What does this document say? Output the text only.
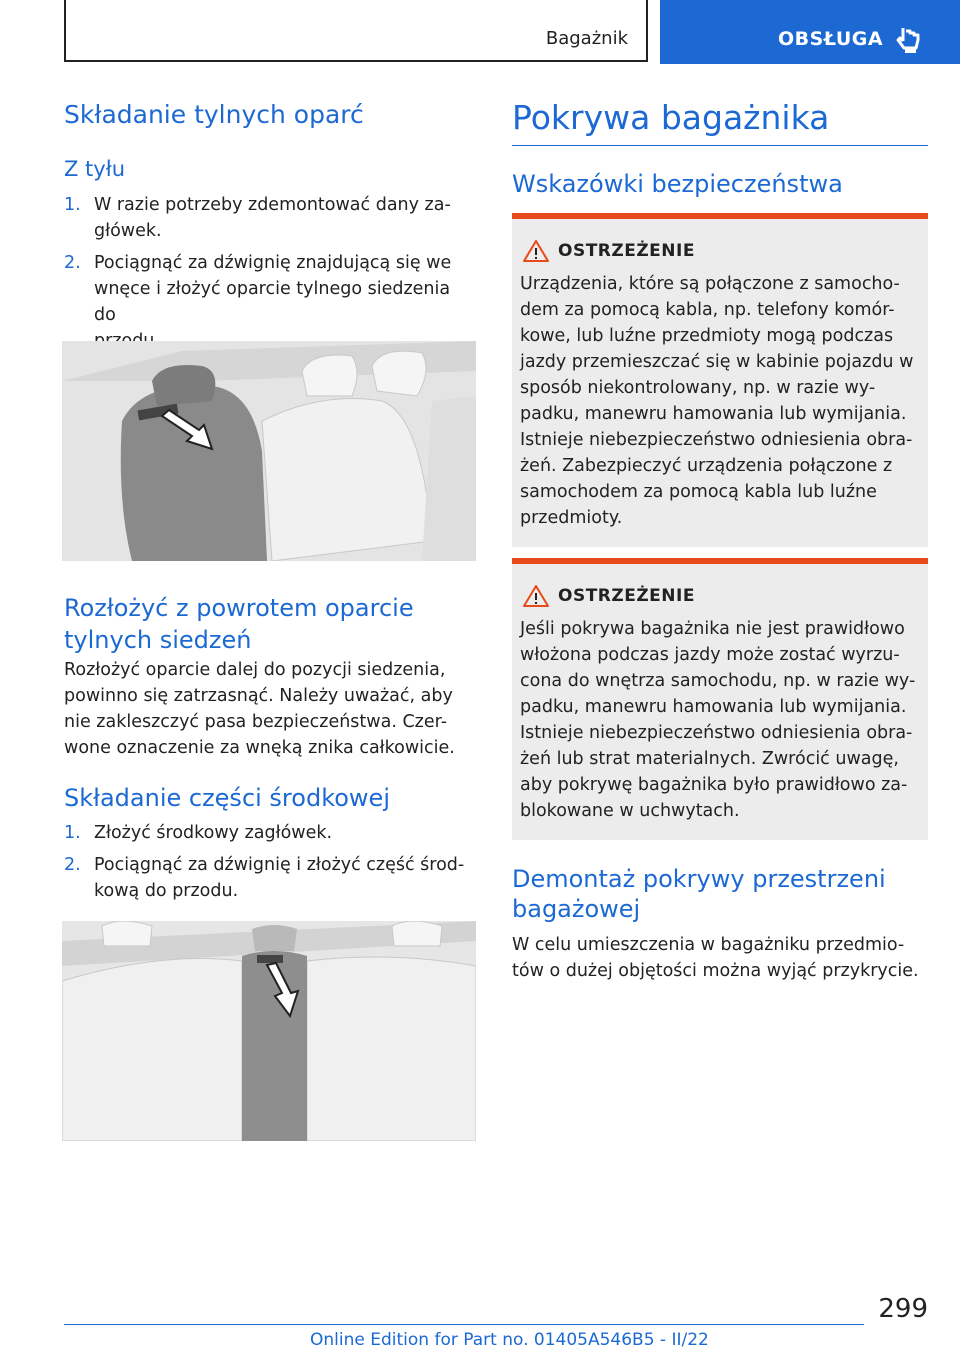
Bagażnik	OBSŁUGA
Składanie tylnych oparć
Z tyłu
1. W razie potrzeby zdemontować dany za-
główek.
2. Pociągnąć za dźwignię znajdującą się we
wnęce i złożyć oparcie tylnego siedzenia do

Rozłożyć z powrotem oparcie
tylnych siedzeń

Rozłożyć oparcie dalej do pozycji siedzenia,
powinno się zatrzasnąć. Należy uważać, aby
nie zakleszczyć pasa bezpieczeństwa. Czer-
wone oznaczenie za wnęką znika całkowicie.

Składanie części środkowej
1. Złożyć środkowy zagłówek.
2. Pociągnąć za dźwignię i złożyć część środ-
kową do przodu.
Pokrywa bagażnika
Wskazówki bezpieczeństwa
OSTRZEŻENIE
Urządzenia, które są połączone z samocho-
dem za pomocą kabla, np. telefony komór-
kowe, lub luźne przedmioty mogą podczas
jazdy przemieszczać się w kabinie pojazdu w
sposób niekontrolowany, np. w razie wy-
padku, manewru hamowania lub wymijania.
Istnieje niebezpieczeństwo odniesienia obra-
żeń. Zabezpieczyć urządzenia połączone z
samochodem za pomocą kabla lub luźne
przedmioty.
OSTRZEŻENIE
Jeśli pokrywa bagażnika nie jest prawidłowo
włożona podczas jazdy może zostać wyrzu-
cona do wnętrza samochodu, np. w razie wy-
padku, manewru hamowania lub wymijania.
Istnieje niebezpieczeństwo odniesienia obra-
żeń lub strat materialnych. Zwrócić uwagę,
aby pokrywę bagażnika było prawidłowo za-
blokowane w uchwytach.
Demontaż pokrywy przestrzeni
bagażowej

W celu umieszczenia w bagażniku przedmio-
tów o dużej objętości można wyjąć przykrycie.

299
Online Edition for Part no. 01405A546B5 - II/22
